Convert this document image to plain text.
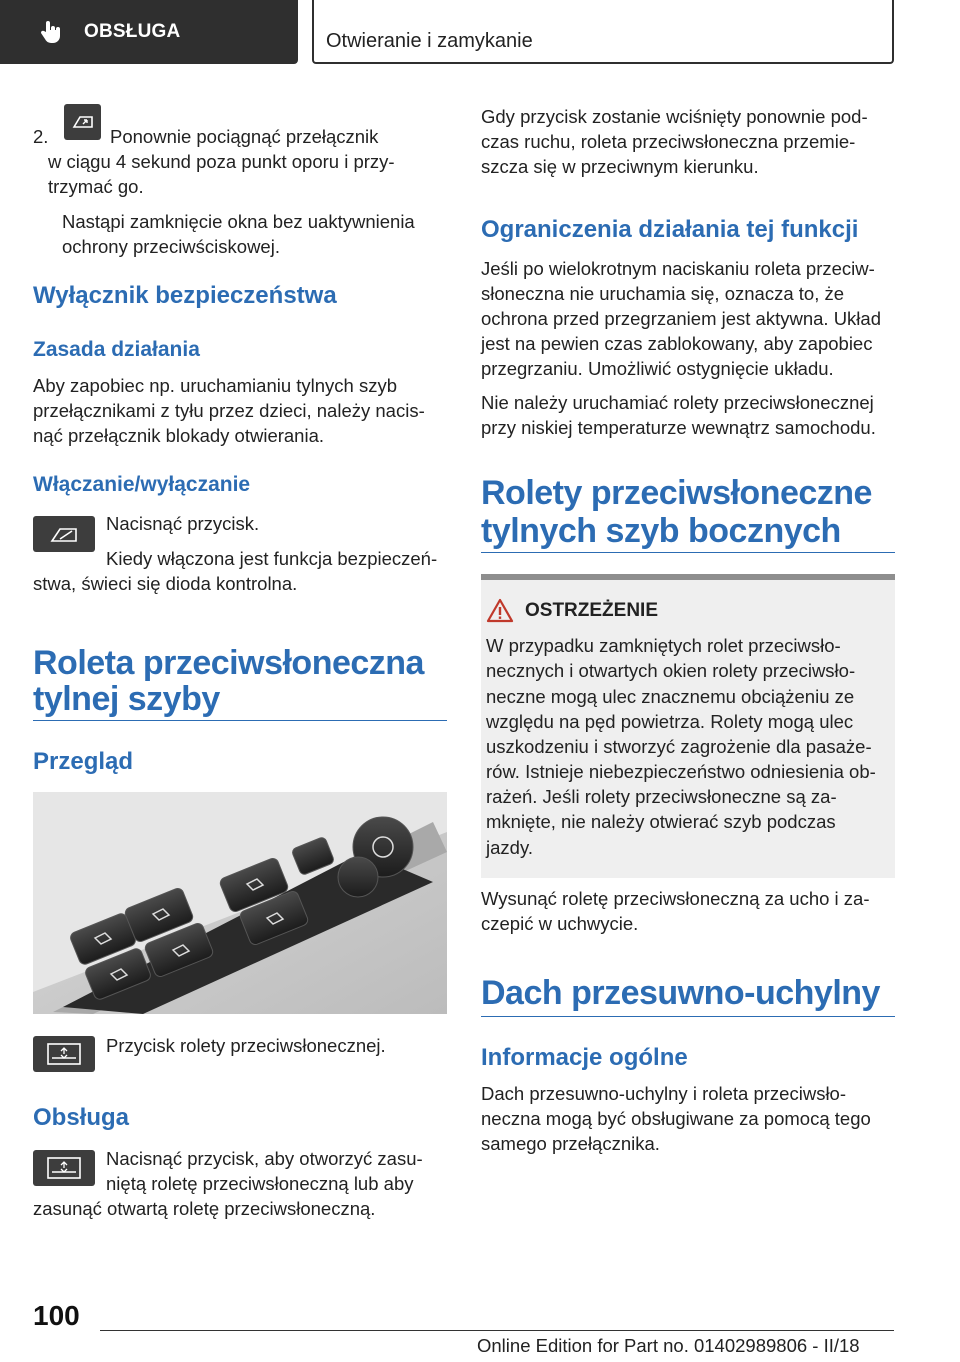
OBSŁUGA	Otwieranie i zamykanie

2.	Ponownie pociągnąć przełącznik

w ciągu 4 sekund poza punkt oporu i przy-

trzymać go.

Nastąpi zamknięcie okna bez uaktywnienia

ochrony przeciwściskowej.

Wyłącznik bezpieczeństwa
Zasada działania

Aby zapobiec np. uruchamianiu tylnych szyb

przełącznikami z tyłu przez dzieci, należy nacis-

nąć przełącznik blokady otwierania.

Włączanie/wyłączanie

Nacisnąć przycisk.

Kiedy włączona jest funkcja bezpieczeń-

stwa, świeci się dioda kontrolna.

Roleta przeciwsłoneczna
tylnej szyby
Przegląd

Przycisk rolety przeciwsłonecznej.

Obsługa

Nacisnąć przycisk, aby otworzyć zasu-

niętą roletę przeciwsłoneczną lub aby

zasunąć otwartą roletę przeciwsłoneczną.

Gdy przycisk zostanie wciśnięty ponownie pod-

czas ruchu, roleta przeciwsłoneczna przemie-

szcza się w przeciwnym kierunku.

Ograniczenia działania tej funkcji

Jeśli po wielokrotnym naciskaniu roleta przeciw-

słoneczna nie uruchamia się, oznacza to, że

ochrona przed przegrzaniem jest aktywna. Układ

jest na pewien czas zablokowany, aby zapobiec

przegrzaniu. Umożliwić ostygnięcie układu.

Nie należy uruchamiać rolety przeciwsłonecznej

przy niskiej temperaturze wewnątrz samochodu.

Rolety przeciwsłoneczne
tylnych szyb bocznych
OSTRZEŻENIE

W przypadku zamkniętych rolet przeciwsło-

necznych i otwartych okien rolety przeciwsło-

neczne mogą ulec znacznemu obciążeniu ze

względu na pęd powietrza. Rolety mogą ulec

uszkodzeniu i stworzyć zagrożenie dla pasaże-

rów. Istnieje niebezpieczeństwo odniesienia ob-

rażeń. Jeśli rolety przeciwsłoneczne są za-

mknięte, nie należy otwierać szyb podczas

jazdy.

Wysunąć roletę przeciwsłoneczną za ucho i za-

czepić w uchwycie.

Dach przesuwno-uchylny
Informacje ogólne

Dach przesuwno-uchylny i roleta przeciwsło-

neczna mogą być obsługiwane za pomocą tego

samego przełącznika.

100
Online Edition for Part no. 01402989806 - II/18
